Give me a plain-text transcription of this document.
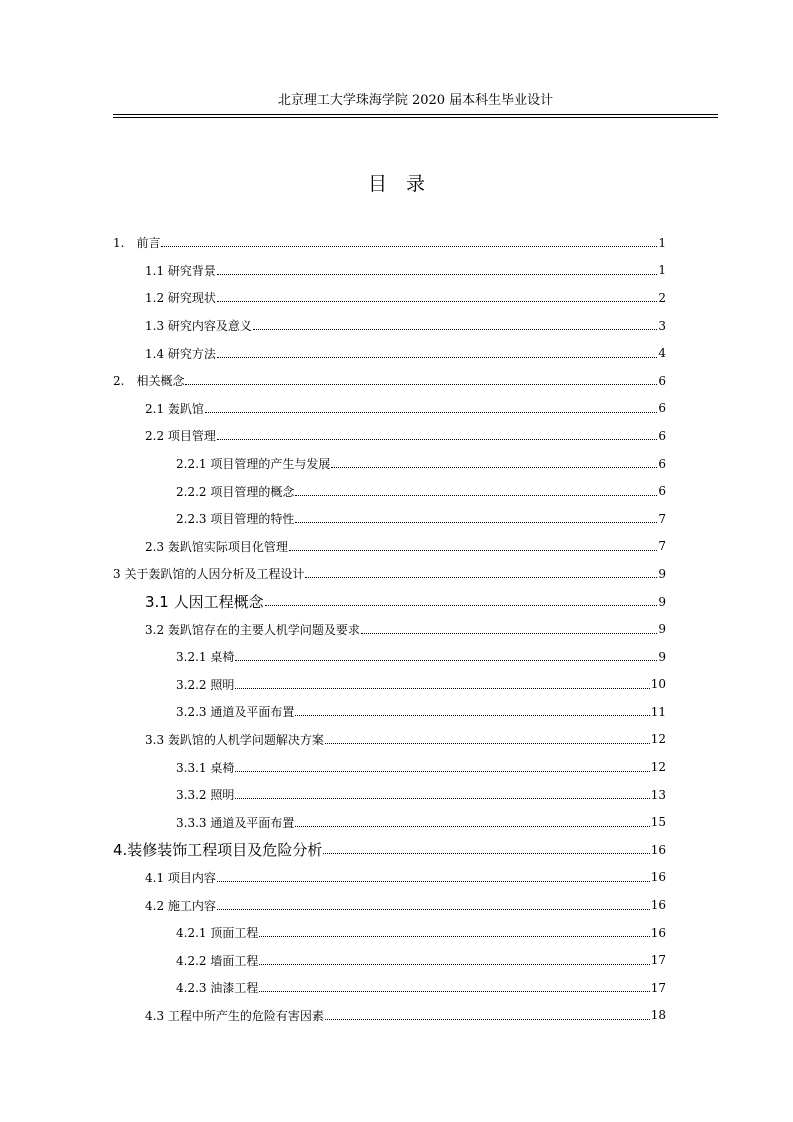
北京理工大学珠海学院 2020 届本科生毕业设计
目　录
1.　前言	1
1.1 研究背景	1
1.2 研究现状	2
1.3 研究内容及意义	3
1.4 研究方法	4
2.　相关概念	6
2.1 轰趴馆	6
2.2 项目管理	6
2.2.1 项目管理的产生与发展	6
2.2.2 项目管理的概念	6
2.2.3 项目管理的特性	7
2.3 轰趴馆实际项目化管理	7
3 关于轰趴馆的人因分析及工程设计	9
3.1 人因工程概念	9
3.2 轰趴馆存在的主要人机学问题及要求	9
3.2.1 桌椅	9
3.2.2 照明	10
3.2.3 通道及平面布置	11
3.3 轰趴馆的人机学问题解决方案	12
3.3.1 桌椅	12
3.3.2 照明	13
3.3.3 通道及平面布置	15
4.装修装饰工程项目及危险分析	16
4.1 项目内容	16
4.2 施工内容	16
4.2.1 顶面工程	16
4.2.2 墙面工程	17
4.2.3 油漆工程	17
4.3 工程中所产生的危险有害因素	18
